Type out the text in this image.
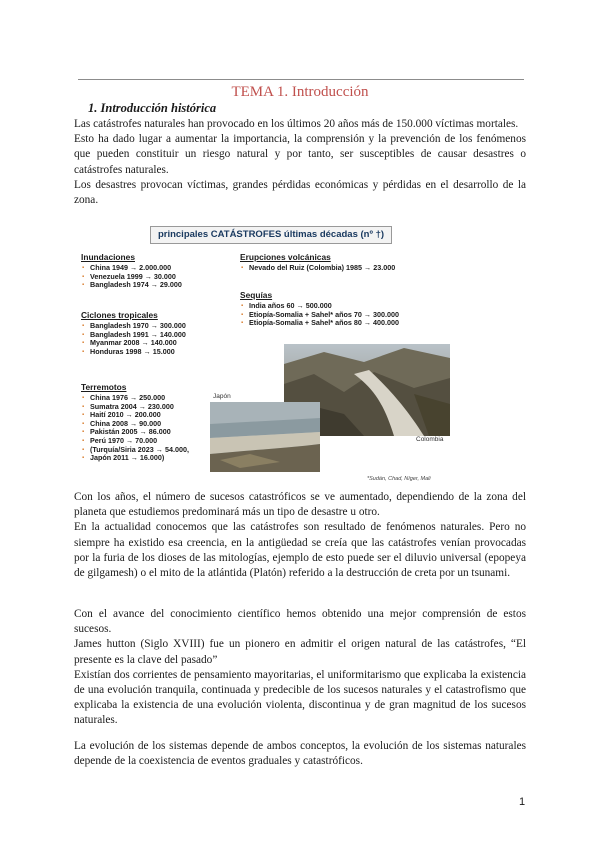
TEMA 1. Introducción
1. Introducción histórica

Las catástrofes naturales han provocado en los últimos 20 años más de 150.000 víctimas mortales.

Esto ha dado lugar a aumentar la importancia, la comprensión y la prevención de los fenómenos que pueden constituir un riesgo natural y por tanto, ser susceptibles de causar desastres o catástrofes naturales.

Los desastres provocan víctimas, grandes pérdidas económicas y pérdidas en el desarrollo de la zona.

principales CATÁSTROFES últimas décadas (nº †)
Inundaciones
▪ China 1949 → 2.000.000
▪ Venezuela 1999 → 30.000
▪ Bangladesh 1974 → 29.000
Erupciones volcánicas
▪ Nevado del Ruiz (Colombia) 1985 → 23.000
Sequías
▪ India años 60 → 500.000
▪ Etiopía-Somalia + Sahel* años 70 → 300.000
▪ Etiopía-Somalia + Sahel* años 80 → 400.000
Ciclones tropicales
▪ Bangladesh 1970 → 300.000
▪ Bangladesh 1991 → 140.000
▪ Myanmar 2008 → 140.000
▪ Honduras 1998 → 15.000
Terremotos
▪ China 1976 → 250.000
▪ Sumatra 2004 → 230.000
▪ Haití 2010 → 200.000
▪ China 2008 → 90.000
▪ Pakistán 2005 → 86.000
▪ Perú 1970 → 70.000
▪ (Turquía/Siria 2023 → 54.000,
▪ Japón 2011 → 16.000)
Japón
Colombia
*Sudán, Chad, Níger, Mali

Con los años, el número de sucesos catastróficos se ve aumentado, dependiendo de la zona del planeta que estudiemos predominará más un tipo de desastre u otro.

En la actualidad conocemos que las catástrofes son resultado de fenómenos naturales. Pero no siempre ha existido esa creencia, en la antigüedad se creía que las catástrofes venían provocadas por la furia de los dioses de las mitologías, ejemplo de esto puede ser el diluvio universal (epopeya de gilgamesh) o el mito de la atlántida (Platón) referido a la destrucción de creta por un tsunami.

Con el avance del conocimiento científico hemos obtenido una mejor comprensión de estos sucesos.

James hutton (Siglo XVIII) fue un pionero en admitir el origen natural de las catástrofes, “El presente es la clave del pasado”

Existían dos corrientes de pensamiento mayoritarias, el uniformitarismo que explicaba la existencia de una evolución tranquila, continuada y predecible de los sucesos naturales y el catastrofismo que explicaba la existencia de una evolución violenta, discontinua y de gran magnitud de los sucesos naturales.

La evolución de los sistemas depende de ambos conceptos, la evolución de los sistemas naturales depende de la coexistencia de eventos graduales y catastróficos.

1
